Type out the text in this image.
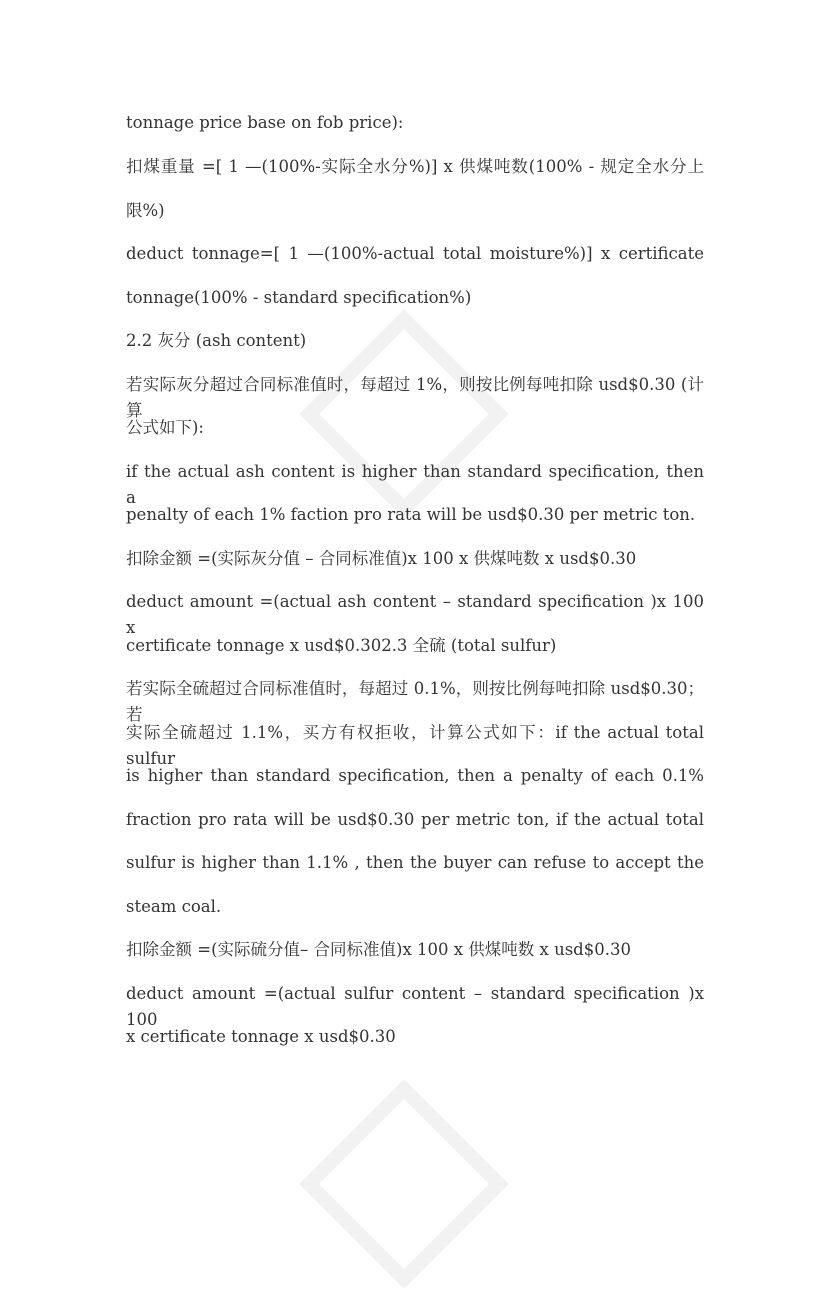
tonnage price base on fob price):
扣煤重量 =[ 1 —(100%-实际全水分%)] x 供煤吨数(100% - 规定全水分上
限%)
deduct tonnage=[ 1 —(100%-actual total moisture%)] x certificate
tonnage(100% - standard specification%)
2.2 灰分 (ash content)
若实际灰分超过合同标准值时，每超过 1%，则按比例每吨扣除 usd$0.30 (计算
公式如下):
if the actual ash content is higher than standard specification, then a
penalty of each 1% faction pro rata will be usd$0.30 per metric ton.
扣除金额 =(实际灰分值 – 合同标准值)x 100 x 供煤吨数 x usd$0.30
deduct amount =(actual ash content – standard specification )x 100 x
certificate tonnage x usd$0.302.3 全硫 (total sulfur)
若实际全硫超过合同标准值时，每超过 0.1%，则按比例每吨扣除 usd$0.30；若
实际全硫超过 1.1%，买方有权拒收，计算公式如下：if the actual total sulfur
is higher than standard specification, then a penalty of each 0.1%
fraction pro rata will be usd$0.30 per metric ton, if the actual total
sulfur is higher than 1.1% , then the buyer can refuse to accept the
steam coal.
扣除金额 =(实际硫分值– 合同标准值)x 100 x 供煤吨数 x usd$0.30
deduct amount =(actual sulfur content – standard specification )x 100
x certificate tonnage x usd$0.30
